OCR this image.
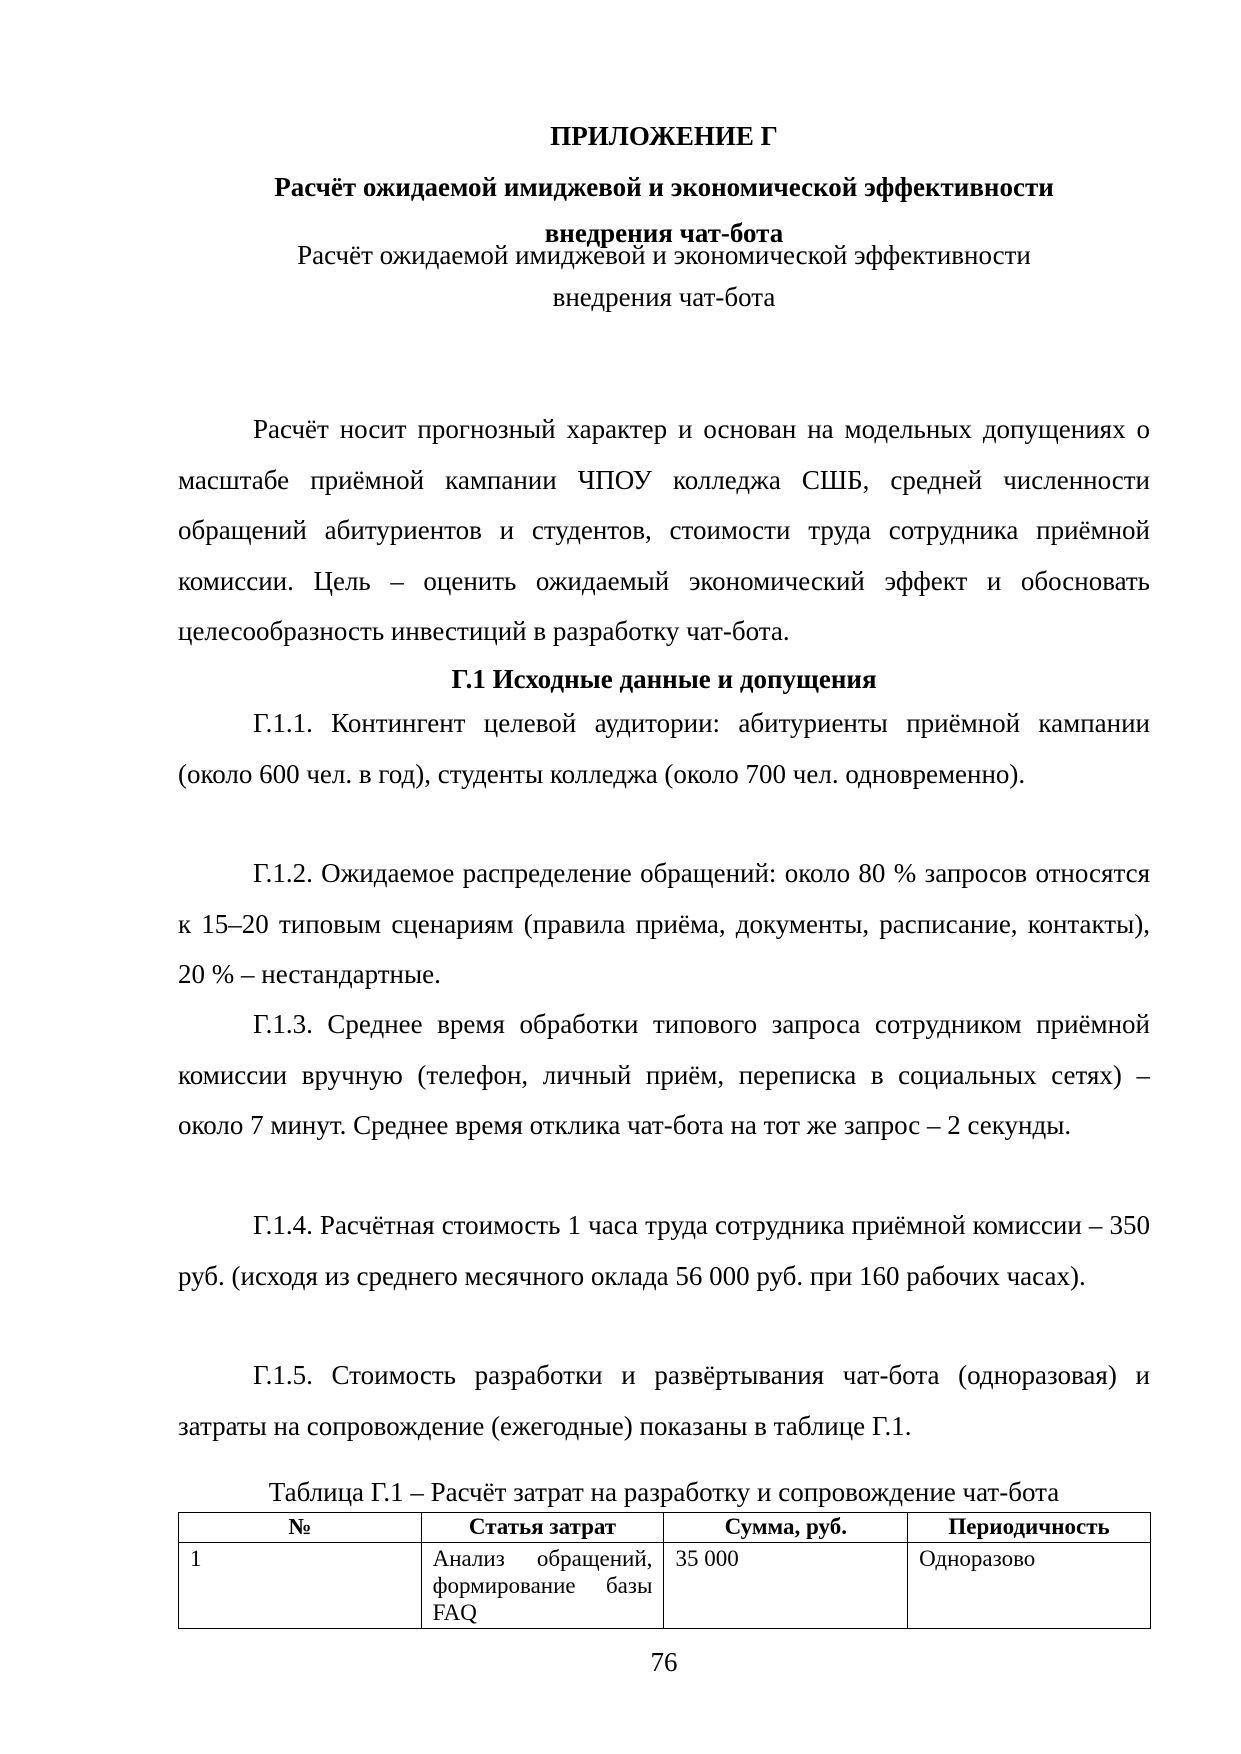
ПРИЛОЖЕНИЕ Г
Расчёт ожидаемой имиджевой и экономической эффективности
внедрения чат-бота
Расчёт ожидаемой имиджевой и экономической эффективности
внедрения чат-бота

Расчёт носит прогнозный характер и основан на модельных допущениях о масштабе приёмной кампании ЧПОУ колледжа СШБ, средней численности обращений абитуриентов и студентов, стоимости труда сотрудника приёмной комиссии. Цель – оценить ожидаемый экономический эффект и обосновать целесообразность инвестиций в разработку чат-бота.

Г.1 Исходные данные и допущения

Г.1.1. Контингент целевой аудитории: абитуриенты приёмной кампании (около 600 чел. в год), студенты колледжа (около 700 чел. одновременно).

Г.1.2. Ожидаемое распределение обращений: около 80 % запросов относятся к 15–20 типовым сценариям (правила приёма, документы, расписание, контакты), 20 % – нестандартные.

Г.1.3. Среднее время обработки типового запроса сотрудником приёмной комиссии вручную (телефон, личный приём, переписка в социальных сетях) – около 7 минут. Среднее время отклика чат-бота на тот же запрос – 2 секунды.

Г.1.4. Расчётная стоимость 1 часа труда сотрудника приёмной комиссии – 350 руб. (исходя из среднего месячного оклада 56 000 руб. при 160 рабочих часах).

Г.1.5. Стоимость разработки и развёртывания чат-бота (одноразовая) и затраты на сопровождение (ежегодные) показаны в таблице Г.1.

Таблица Г.1 – Расчёт затрат на разработку и сопровождение чат-бота
№	Статья затрат	Сумма, руб.	Периодичность
1	Анализ обращений, формирование базы FAQ	35 000	Одноразово
76
